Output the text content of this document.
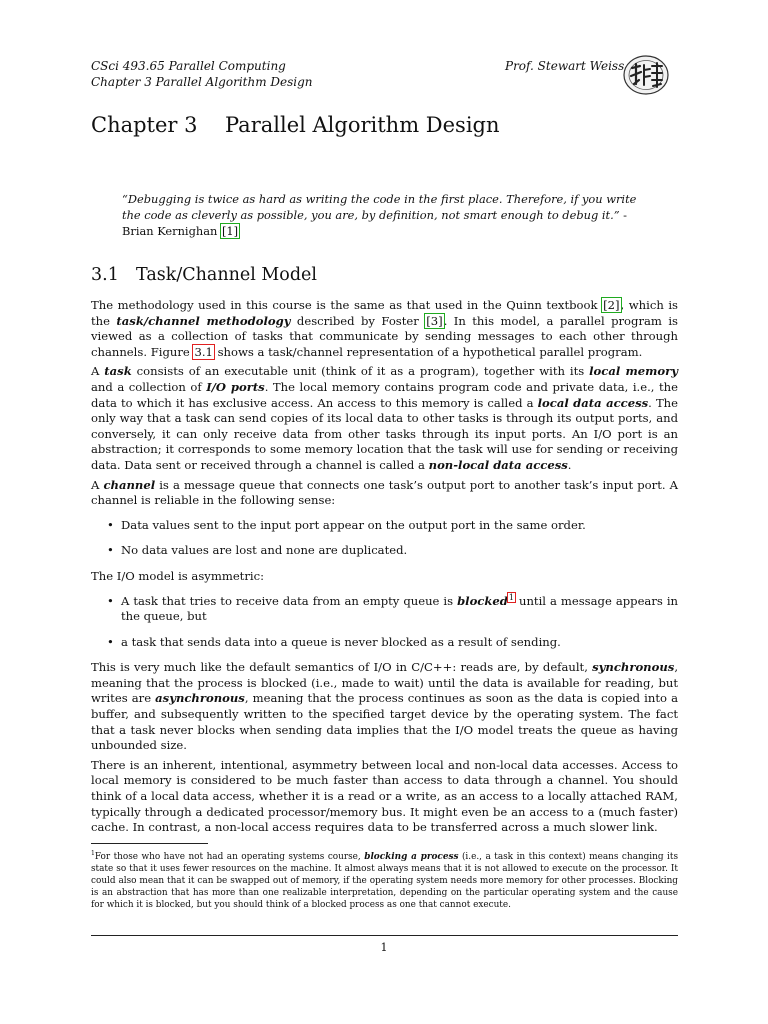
CSci 493.65 Parallel Computing
Chapter 3 Parallel Algorithm Design
Prof. Stewart Weiss
Chapter 3 Parallel Algorithm Design
“Debugging is twice as hard as writing the code in the first place. Therefore, if you write the code as cleverly as possible, you are, by definition, not smart enough to debug it.” - Brian Kernighan [1]
3.1 Task/Channel Model

The methodology used in this course is the same as that used in the Quinn textbook [2], which is the task/channel methodology described by Foster [3]. In this model, a parallel program is viewed as a collection of tasks that communicate by sending messages to each other through channels. Figure 3.1 shows a task/channel representation of a hypothetical parallel program.

A task consists of an executable unit (think of it as a program), together with its local memory and a collection of I/O ports. The local memory contains program code and private data, i.e., the data to which it has exclusive access. An access to this memory is called a local data access. The only way that a task can send copies of its local data to other tasks is through its output ports, and conversely, it can only receive data from other tasks through its input ports. An I/O port is an abstraction; it corresponds to some memory location that the task will use for sending or receiving data. Data sent or received through a channel is called a non-local data access.

A channel is a message queue that connects one task’s output port to another task’s input port. A channel is reliable in the following sense:

• Data values sent to the input port appear on the output port in the same order.
• No data values are lost and none are duplicated.

The I/O model is asymmetric:

• A task that tries to receive data from an empty queue is blocked$^1$ until a message appears in the queue, but
• a task that sends data into a queue is never blocked as a result of sending.

This is very much like the default semantics of I/O in C/C++: reads are, by default, synchronous, meaning that the process is blocked (i.e., made to wait) until the data is available for reading, but writes are asynchronous, meaning that the process continues as soon as the data is copied into a buffer, and subsequently written to the specified target device by the operating system. The fact that a task never blocks when sending data implies that the I/O model treats the queue as having unbounded size.

There is an inherent, intentional, asymmetry between local and non-local data accesses. Access to local memory is considered to be much faster than access to data through a channel. You should think of a local data access, whether it is a read or a write, as an access to a locally attached RAM, typically through a dedicated processor/memory bus. It might even be an access to a (much faster) cache. In contrast, a non-local access requires data to be transferred across a much slower link.

$^1$For those who have not had an operating systems course, blocking a process (i.e., a task in this context) means changing its state so that it uses fewer resources on the machine. It almost always means that it is not allowed to execute on the processor. It could also mean that it can be swapped out of memory, if the operating system needs more memory for other processes. Blocking is an abstraction that has more than one realizable interpretation, depending on the particular operating system and the cause for which it is blocked, but you should think of a blocked process as one that cannot execute.
1
